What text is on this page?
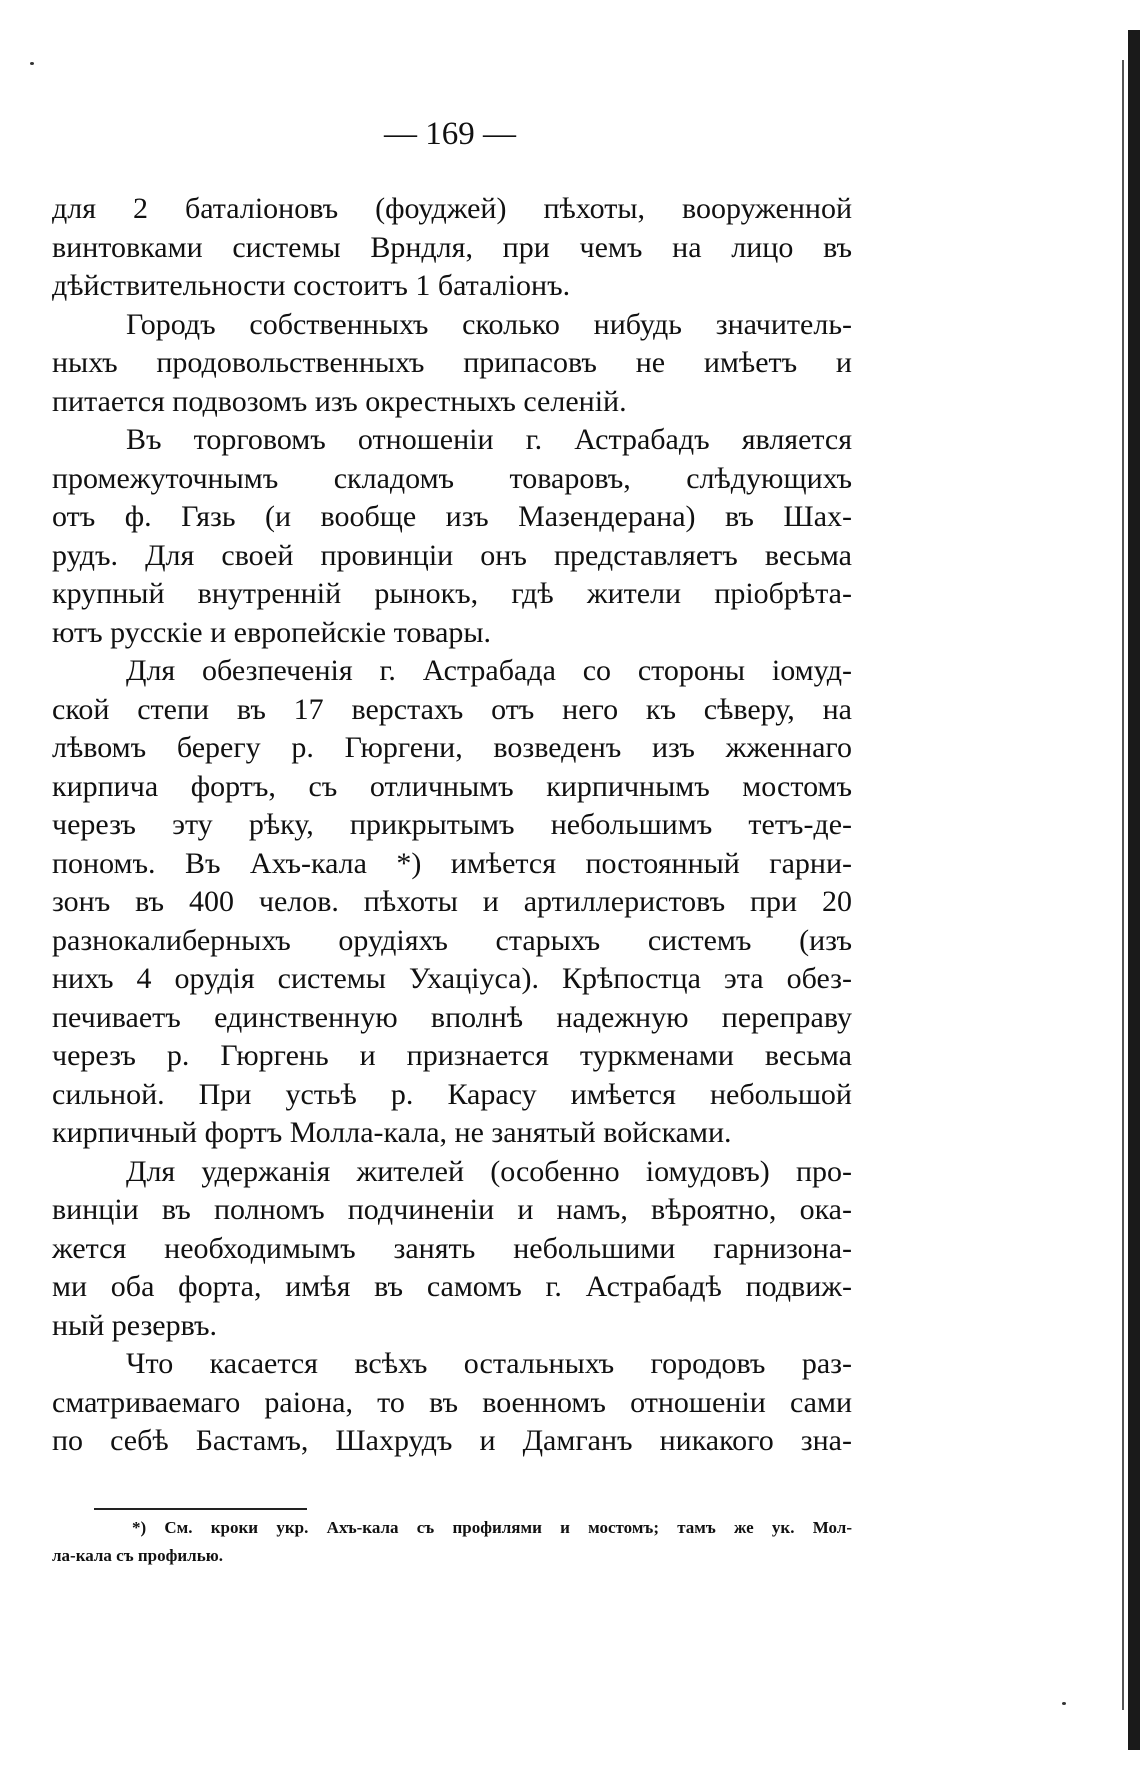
— 169 —

для 2 баталіоновъ (фоуджей) пѣхоты, вооруженной
винтовками системы Врндля, при чемъ на лицо въ
дѣйствительности состоитъ 1 баталіонъ.

Городъ собственныхъ сколько нибудь значитель-
ныхъ продовольственныхъ припасовъ не имѣетъ и
питается подвозомъ изъ окрестныхъ селеній.

Въ торговомъ отношеніи г. Астрабадъ является
промежуточнымъ складомъ товаровъ, слѣдующихъ
отъ ф. Гязь (и вообще изъ Мазендерана) въ Шах-
рудъ. Для своей провинціи онъ представляетъ весьма
крупный внутренній рынокъ, гдѣ жители пріобрѣта-
ютъ русскіе и европейскіе товары.

Для обезпеченія г. Астрабада со стороны іомуд-
ской степи въ 17 верстахъ отъ него къ сѣверу, на
лѣвомъ берегу р. Гюргени, возведенъ изъ жженнаго
кирпича фортъ, съ отличнымъ кирпичнымъ мостомъ
черезъ эту рѣку, прикрытымъ небольшимъ тетъ-де-
пономъ. Въ Ахъ-кала *) имѣется постоянный гарни-
зонъ въ 400 челов. пѣхоты и артиллеристовъ при 20
разнокалиберныхъ орудіяхъ старыхъ системъ (изъ
нихъ 4 орудія системы Ухаціуса). Крѣпостца эта обез-
печиваетъ единственную вполнѣ надежную переправу
черезъ р. Гюргень и признается туркменами весьма
сильной. При устьѣ р. Карасу имѣется небольшой
кирпичный фортъ Молла-кала, не занятый войсками.

Для удержанія жителей (особенно іомудовъ) про-
винціи въ полномъ подчиненіи и намъ, вѣроятно, ока-
жется необходимымъ занять небольшими гарнизона-
ми оба форта, имѣя въ самомъ г. Астрабадѣ подвиж-
ный резервъ.

Что касается всѣхъ остальныхъ городовъ раз-
сматриваемаго раіона, то въ военномъ отношеніи сами
по себѣ Бастамъ, Шахрудъ и Дамганъ никакого зна-

*) См. кроки укр. Ахъ-кала съ профилями и мостомъ; тамъ же ук. Мол-
ла-кала съ профилью.
